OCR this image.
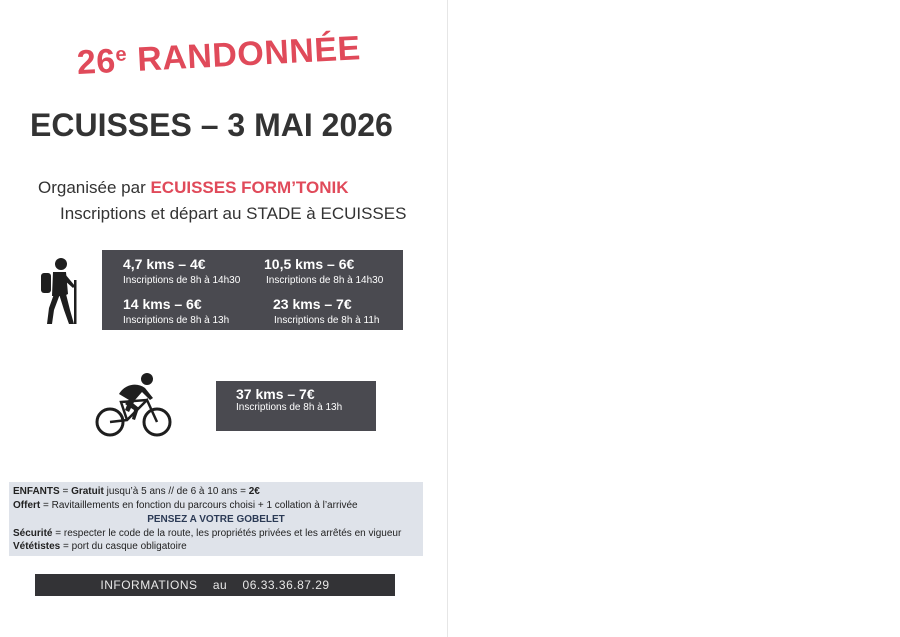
26e RANDONNÉE
ECUISSES – 3 MAI 2026
Organisée par ECUISSES FORM’TONIK
Inscriptions et départ au STADE à ECUISSES
4,7 kms – 4€
Inscriptions de 8h à 14h30
10,5 kms – 6€
Inscriptions de 8h à 14h30
14 kms – 6€
Inscriptions de 8h à 13h
23 kms – 7€
Inscriptions de 8h à 11h
37 kms – 7€
Inscriptions de 8h à 13h
ENFANTS = Gratuit jusqu’à 5 ans // de 6 à 10 ans = 2€
Offert = Ravitaillements en fonction du parcours choisi + 1 collation à l’arrivée
PENSEZ A VOTRE GOBELET
Sécurité = respecter le code de la route, les propriétés privées et les arrêtés en vigueur
Vététistes = port du casque obligatoire
INFORMATIONS
au
06.33.36.87.29
